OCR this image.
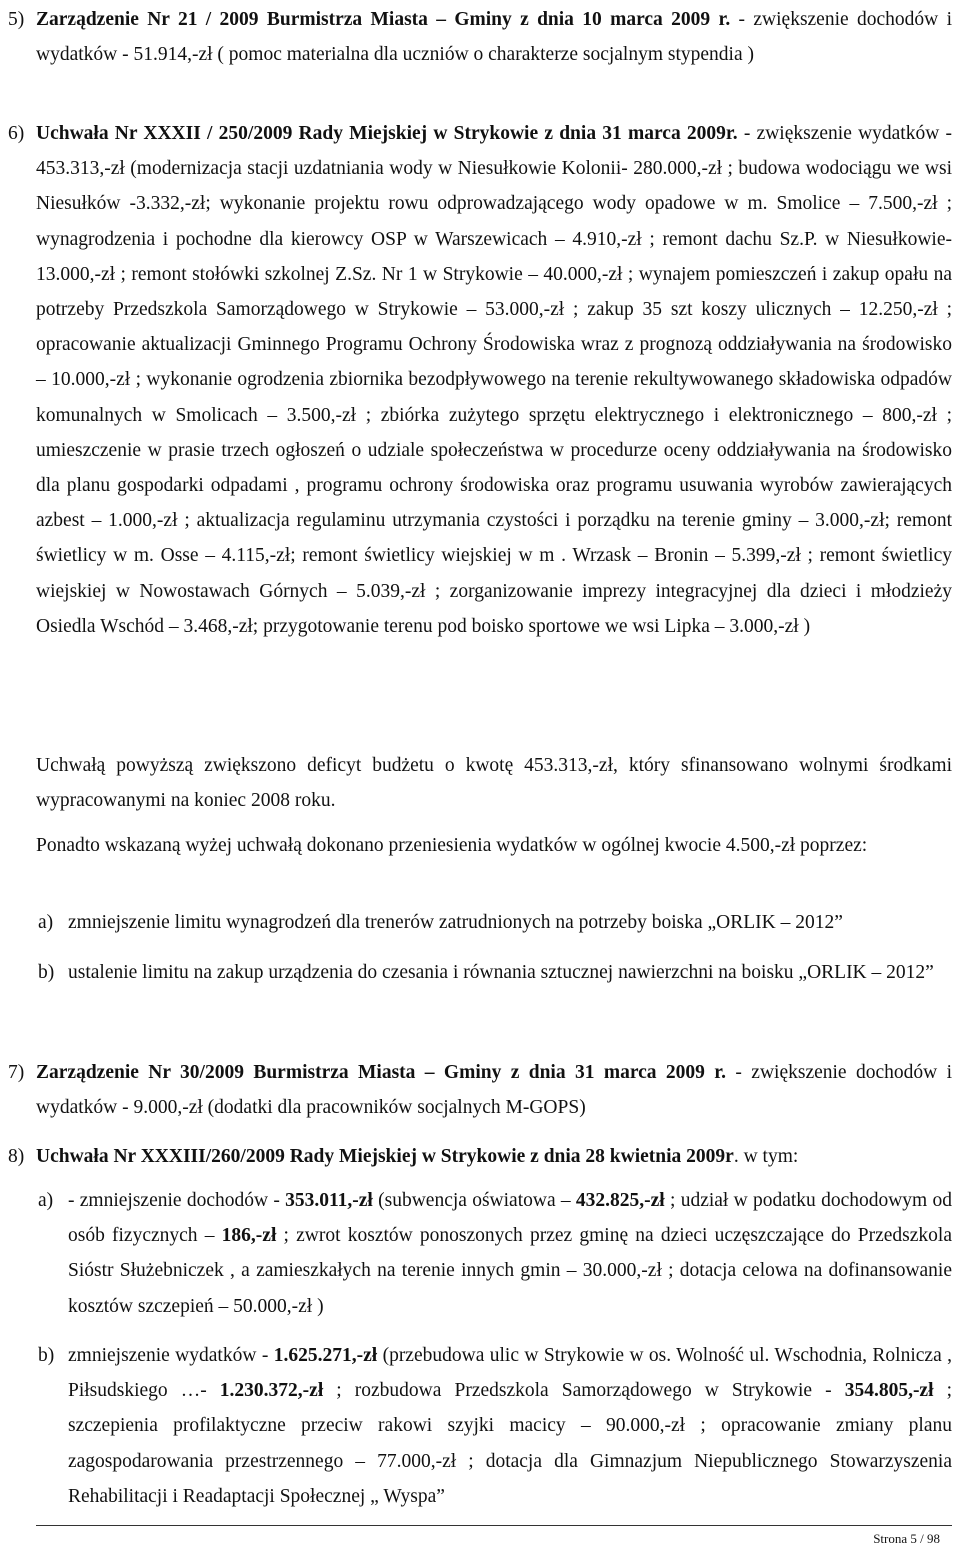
5) Zarządzenie Nr 21 / 2009 Burmistrza Miasta – Gminy z dnia 10 marca 2009 r. - zwiększenie dochodów i wydatków - 51.914,-zł ( pomoc materialna dla uczniów o charakterze socjalnym stypendia )
6) Uchwała Nr XXXII / 250/2009 Rady Miejskiej w Strykowie z dnia 31 marca 2009r. - zwiększenie wydatków - 453.313,-zł (modernizacja stacji uzdatniania wody w Niesułkowie Kolonii- 280.000,-zł ; budowa wodociągu we wsi Niesułków -3.332,-zł; wykonanie projektu rowu odprowadzającego wody opadowe w m. Smolice – 7.500,-zł ; wynagrodzenia i pochodne dla kierowcy OSP w Warszewicach – 4.910,-zł ; remont dachu Sz.P. w Niesułkowie- 13.000,-zł ; remont stołówki szkolnej Z.Sz. Nr 1 w Strykowie – 40.000,-zł ; wynajem pomieszczeń i zakup opału na potrzeby Przedszkola Samorządowego w Strykowie – 53.000,-zł ; zakup 35 szt koszy ulicznych – 12.250,-zł ; opracowanie aktualizacji Gminnego Programu Ochrony Środowiska wraz z prognozą oddziaływania na środowisko – 10.000,-zł ; wykonanie ogrodzenia zbiornika bezodpływowego na terenie rekultywowanego składowiska odpadów komunalnych w Smolicach – 3.500,-zł ; zbiórka zużytego sprzętu elektrycznego i elektronicznego – 800,-zł ; umieszczenie w prasie trzech ogłoszeń o udziale społeczeństwa w procedurze oceny oddziaływania na środowisko dla planu gospodarki odpadami , programu ochrony środowiska oraz programu usuwania wyrobów zawierających azbest – 1.000,-zł ; aktualizacja regulaminu utrzymania czystości i porządku na terenie gminy – 3.000,-zł; remont świetlicy w m. Osse – 4.115,-zł; remont świetlicy wiejskiej w m . Wrzask – Bronin – 5.399,-zł ; remont świetlicy wiejskiej w Nowostawach Górnych – 5.039,-zł ; zorganizowanie imprezy integracyjnej dla dzieci i młodzieży Osiedla Wschód – 3.468,-zł; przygotowanie terenu pod boisko sportowe we wsi Lipka – 3.000,-zł )
Uchwałą powyższą zwiększono deficyt budżetu o kwotę 453.313,-zł, który sfinansowano wolnymi środkami wypracowanymi na koniec 2008 roku.
Ponadto wskazaną wyżej uchwałą dokonano przeniesienia wydatków w ogólnej kwocie 4.500,-zł poprzez:
a) zmniejszenie limitu wynagrodzeń dla trenerów zatrudnionych na potrzeby boiska „ORLIK – 2012”
b) ustalenie limitu na zakup urządzenia do czesania i równania sztucznej nawierzchni na boisku „ORLIK – 2012”
7) Zarządzenie Nr 30/2009 Burmistrza Miasta – Gminy z dnia 31 marca 2009 r. - zwiększenie dochodów i wydatków - 9.000,-zł (dodatki dla pracowników socjalnych M-GOPS)
8) Uchwała Nr XXXIII/260/2009 Rady Miejskiej w Strykowie z dnia 28 kwietnia 2009r. w tym:
a) - zmniejszenie dochodów - 353.011,-zł (subwencja oświatowa – 432.825,-zł ; udział w podatku dochodowym od osób fizycznych – 186,-zł ; zwrot kosztów ponoszonych przez gminę na dzieci uczęszczające do Przedszkola Sióstr Służebniczek , a zamieszkałych na terenie innych gmin – 30.000,-zł ; dotacja celowa na dofinansowanie kosztów szczepień – 50.000,-zł )
b) zmniejszenie wydatków - 1.625.271,-zł (przebudowa ulic w Strykowie w os. Wolność ul. Wschodnia, Rolnicza , Piłsudskiego …- 1.230.372,-zł ; rozbudowa Przedszkola Samorządowego w Strykowie - 354.805,-zł ; szczepienia profilaktyczne przeciw rakowi szyjki macicy – 90.000,-zł ; opracowanie zmiany planu zagospodarowania przestrzennego – 77.000,-zł ; dotacja dla Gimnazjum Niepublicznego Stowarzyszenia Rehabilitacji i Readaptacji Społecznej „ Wyspa”
Strona 5 / 98
